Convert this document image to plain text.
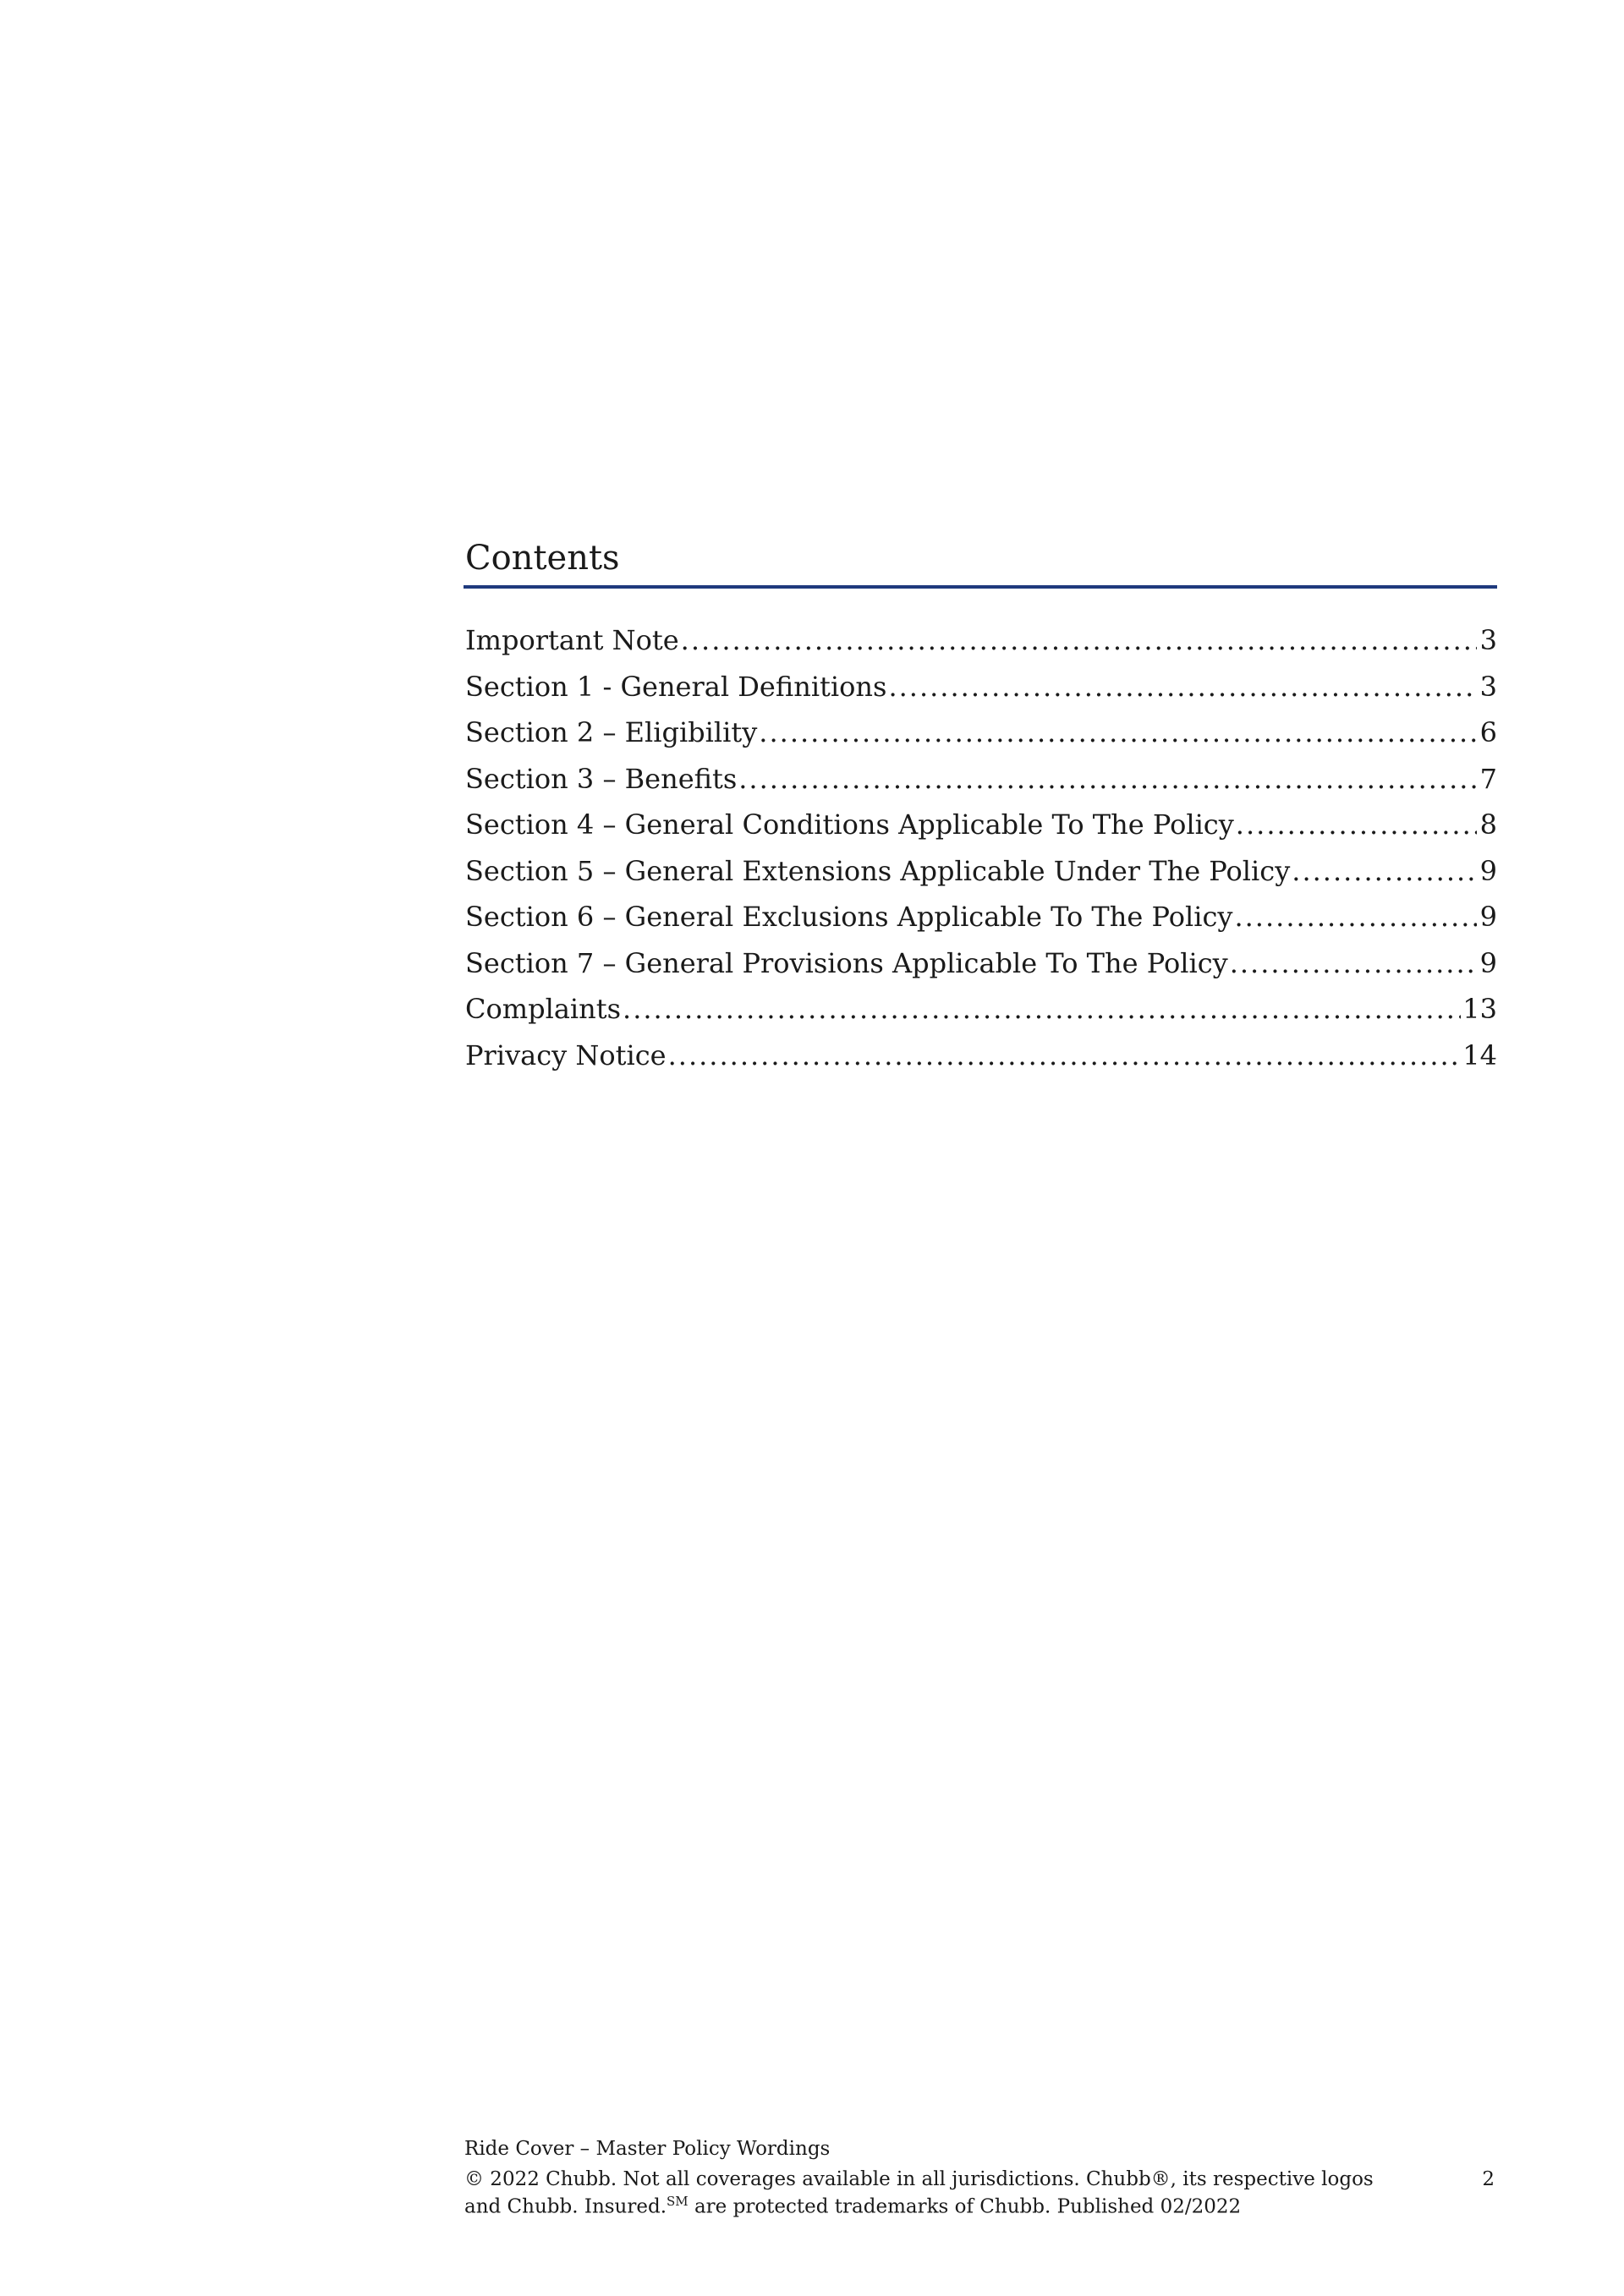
Contents
Important Note .....	3
Section 1 - General Definitions .....	3
Section 2 – Eligibility .....	6
Section 3 – Benefits .....	7
Section 4 – General Conditions Applicable To The Policy .....	8
Section 5 – General Extensions Applicable Under The Policy .....	9
Section 6 – General Exclusions Applicable To The Policy .....	9
Section 7 – General Provisions Applicable To The Policy .....	9
Complaints .....	13
Privacy Notice .....	14

Ride Cover – Master Policy Wordings

© 2022 Chubb. Not all coverages available in all jurisdictions. Chubb®, its respective logos and Chubb. Insured.℠ are protected trademarks of Chubb. Published 02/2022

2
